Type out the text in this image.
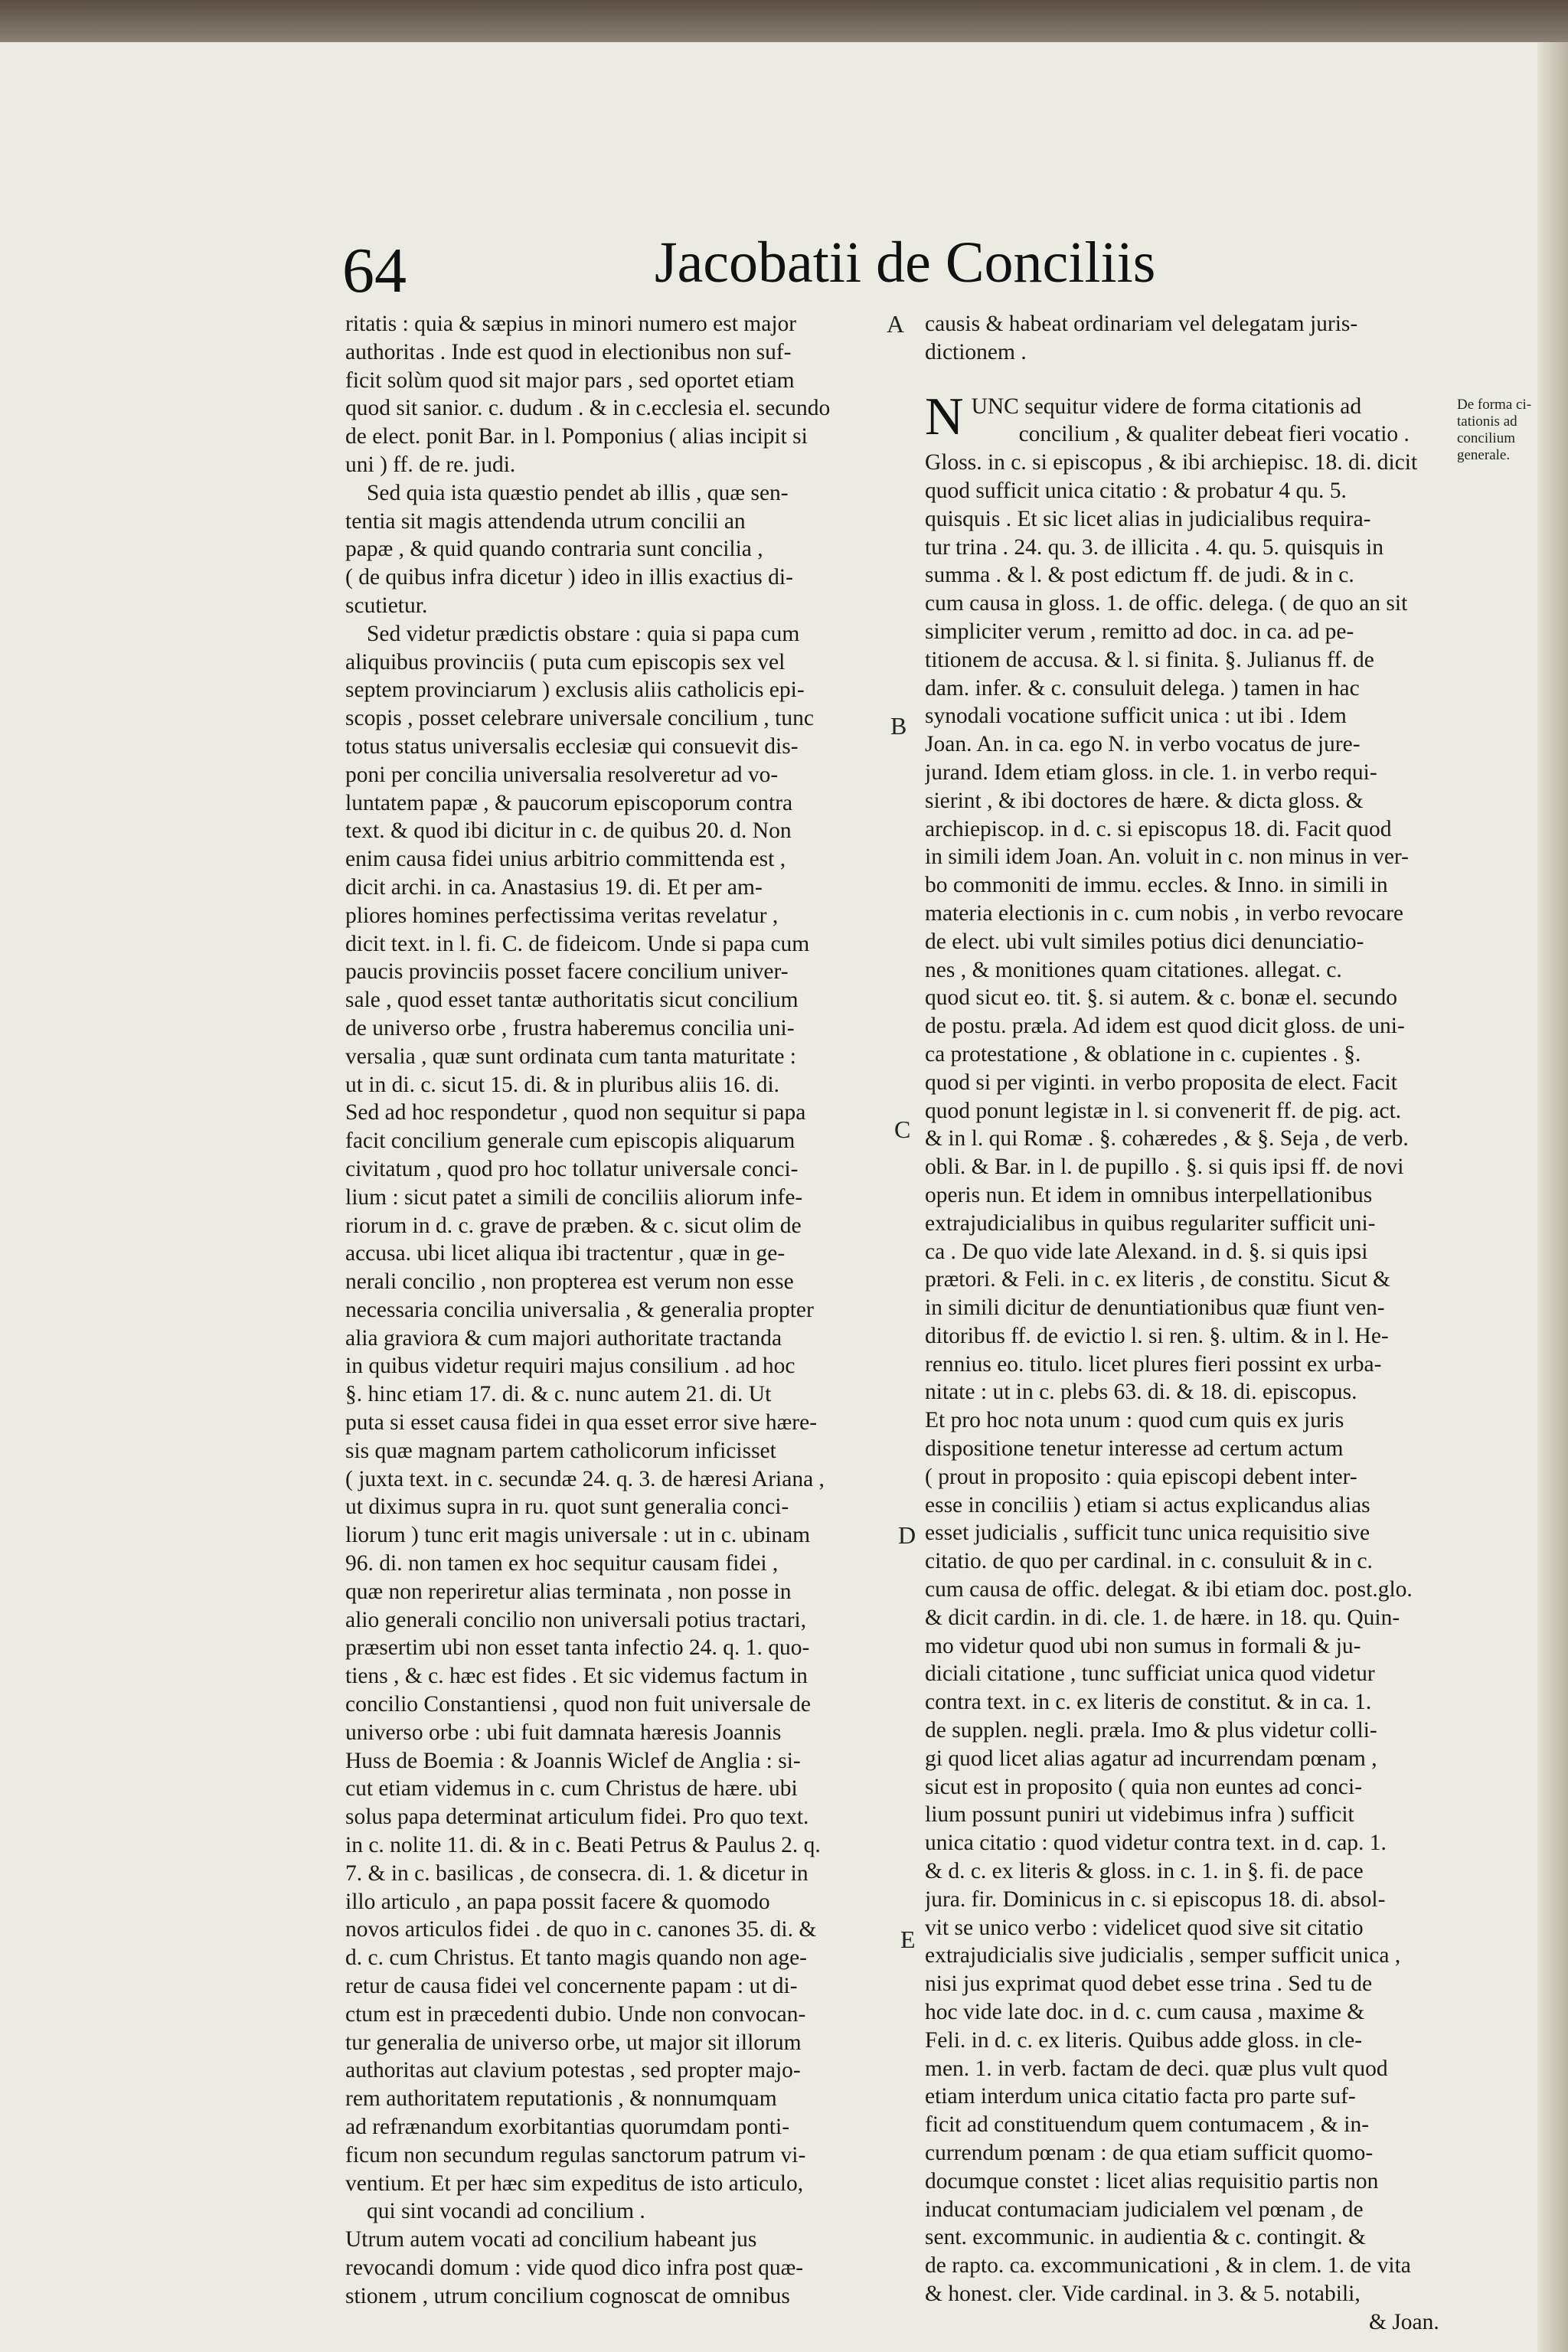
64	Jacobatii de Conciliis

ritatis : quia & sæpius in minori numero est major

authoritas . Inde est quod in electionibus non suf-

ficit solùm quod sit major pars , sed oportet etiam

quod sit sanior. c. dudum . & in c.ecclesia el. secundo

de elect. ponit Bar. in l. Pomponius ( alias incipit si

uni ) ff. de re. judi.

Sed quia ista quæstio pendet ab illis , quæ sen-

tentia sit magis attendenda utrum concilii an

papæ , & quid quando contraria sunt concilia ,

( de quibus infra dicetur ) ideo in illis exactius di-

scutietur.

Sed videtur prædictis obstare : quia si papa cum

aliquibus provinciis ( puta cum episcopis sex vel

septem provinciarum ) exclusis aliis catholicis epi-

scopis , posset celebrare universale concilium , tunc

totus status universalis ecclesiæ qui consuevit dis-

poni per concilia universalia resolveretur ad vo-

luntatem papæ , & paucorum episcoporum contra

text. & quod ibi dicitur in c. de quibus 20. d. Non

enim causa fidei unius arbitrio committenda est ,

dicit archi. in ca. Anastasius 19. di. Et per am-

pliores homines perfectissima veritas revelatur ,

dicit text. in l. fi. C. de fideicom. Unde si papa cum

paucis provinciis posset facere concilium univer-

sale , quod esset tantæ authoritatis sicut concilium

de universo orbe , frustra haberemus concilia uni-

versalia , quæ sunt ordinata cum tanta maturitate :

ut in di. c. sicut 15. di. & in pluribus aliis 16. di.

Sed ad hoc respondetur , quod non sequitur si papa

facit concilium generale cum episcopis aliquarum

civitatum , quod pro hoc tollatur universale conci-

lium : sicut patet a simili de conciliis aliorum infe-

riorum in d. c. grave de præben. & c. sicut olim de

accusa. ubi licet aliqua ibi tractentur , quæ in ge-

nerali concilio , non propterea est verum non esse

necessaria concilia universalia , & generalia propter

alia graviora & cum majori authoritate tractanda

in quibus videtur requiri majus consilium . ad hoc

§. hinc etiam 17. di. & c. nunc autem 21. di. Ut

puta si esset causa fidei in qua esset error sive hære-

sis quæ magnam partem catholicorum inficisset

( juxta text. in c. secundæ 24. q. 3. de hæresi Ariana ,

ut diximus supra in ru. quot sunt generalia conci-

liorum ) tunc erit magis universale : ut in c. ubinam

96. di. non tamen ex hoc sequitur causam fidei ,

quæ non reperiretur alias terminata , non posse in

alio generali concilio non universali potius tractari,

præsertim ubi non esset tanta infectio 24. q. 1. quo-

tiens , & c. hæc est fides . Et sic videmus factum in

concilio Constantiensi , quod non fuit universale de

universo orbe : ubi fuit damnata hæresis Joannis

Huss de Boemia : & Joannis Wiclef de Anglia : si-

cut etiam videmus in c. cum Christus de hære. ubi

solus papa determinat articulum fidei. Pro quo text.

in c. nolite 11. di. & in c. Beati Petrus & Paulus 2. q.

7. & in c. basilicas , de consecra. di. 1. & dicetur in

illo articulo , an papa possit facere & quomodo

novos articulos fidei . de quo in c. canones 35. di. &

d. c. cum Christus. Et tanto magis quando non age-

retur de causa fidei vel concernente papam : ut di-

ctum est in præcedenti dubio. Unde non convocan-

tur generalia de universo orbe, ut major sit illorum

authoritas aut clavium potestas , sed propter majo-

rem authoritatem reputationis , & nonnumquam

ad refrænandum exorbitantias quorumdam ponti-

ficum non secundum regulas sanctorum patrum vi-

ventium. Et per hæc sim expeditus de isto articulo,

qui sint vocandi ad concilium .

Utrum autem vocati ad concilium habeant jus

revocandi domum : vide quod dico infra post quæ-

stionem , utrum concilium cognoscat de omnibus

causis & habeat ordinariam vel delegatam juris-

dictionem .

N UNC sequitur videre de forma citationis ad

concilium , & qualiter debeat fieri vocatio .

Gloss. in c. si episcopus , & ibi archiepisc. 18. di. dicit

quod sufficit unica citatio : & probatur 4 qu. 5.

quisquis . Et sic licet alias in judicialibus requira-

tur trina . 24. qu. 3. de illicita . 4. qu. 5. quisquis in

summa . & l. & post edictum ff. de judi. & in c.

cum causa in gloss. 1. de offic. delega. ( de quo an sit

simpliciter verum , remitto ad doc. in ca. ad pe-

titionem de accusa. & l. si finita. §. Julianus ff. de

dam. infer. & c. consuluit delega. ) tamen in hac

synodali vocatione sufficit unica : ut ibi . Idem

Joan. An. in ca. ego N. in verbo vocatus de jure-

jurand. Idem etiam gloss. in cle. 1. in verbo requi-

sierint , & ibi doctores de hære. & dicta gloss. &

archiepiscop. in d. c. si episcopus 18. di. Facit quod

in simili idem Joan. An. voluit in c. non minus in ver-

bo commoniti de immu. eccles. & Inno. in simili in

materia electionis in c. cum nobis , in verbo revocare

de elect. ubi vult similes potius dici denunciatio-

nes , & monitiones quam citationes. allegat. c.

quod sicut eo. tit. §. si autem. & c. bonæ el. secundo

de postu. præla. Ad idem est quod dicit gloss. de uni-

ca protestatione , & oblatione in c. cupientes . §.

quod si per viginti. in verbo proposita de elect. Facit

quod ponunt legistæ in l. si convenerit ff. de pig. act.

& in l. qui Romæ . §. cohæredes , & §. Seja , de verb.

obli. & Bar. in l. de pupillo . §. si quis ipsi ff. de novi

operis nun. Et idem in omnibus interpellationibus

extrajudicialibus in quibus regulariter sufficit uni-

ca . De quo vide late Alexand. in d. §. si quis ipsi

prætori. & Feli. in c. ex literis , de constitu. Sicut &

in simili dicitur de denuntiationibus quæ fiunt ven-

ditoribus ff. de evictio l. si ren. §. ultim. & in l. He-

rennius eo. titulo. licet plures fieri possint ex urba-

nitate : ut in c. plebs 63. di. & 18. di. episcopus.

Et pro hoc nota unum : quod cum quis ex juris

dispositione tenetur interesse ad certum actum

( prout in proposito : quia episcopi debent inter-

esse in conciliis ) etiam si actus explicandus alias

esset judicialis , sufficit tunc unica requisitio sive

citatio. de quo per cardinal. in c. consuluit & in c.

cum causa de offic. delegat. & ibi etiam doc. post.glo.

& dicit cardin. in di. cle. 1. de hære. in 18. qu. Quin-

mo videtur quod ubi non sumus in formali & ju-

diciali citatione , tunc sufficiat unica quod videtur

contra text. in c. ex literis de constitut. & in ca. 1.

de supplen. negli. præla. Imo & plus videtur colli-

gi quod licet alias agatur ad incurrendam pœnam ,

sicut est in proposito ( quia non euntes ad conci-

lium possunt puniri ut videbimus infra ) sufficit

unica citatio : quod videtur contra text. in d. cap. 1.

& d. c. ex literis & gloss. in c. 1. in §. fi. de pace

jura. fir. Dominicus in c. si episcopus 18. di. absol-

vit se unico verbo : videlicet quod sive sit citatio

extrajudicialis sive judicialis , semper sufficit unica ,

nisi jus exprimat quod debet esse trina . Sed tu de

hoc vide late doc. in d. c. cum causa , maxime &

Feli. in d. c. ex literis. Quibus adde gloss. in cle-

men. 1. in verb. factam de deci. quæ plus vult quod

etiam interdum unica citatio facta pro parte suf-

ficit ad constituendum quem contumacem , & in-

currendum pœnam : de qua etiam sufficit quomo-

documque constet : licet alias requisitio partis non

inducat contumaciam judicialem vel pœnam , de

sent. excommunic. in audientia & c. contingit. &

de rapto. ca. excommunicationi , & in clem. 1. de vita

& honest. cler. Vide cardinal. in 3. & 5. notabili,

& Joan.

A
B
C
D
E
De forma ci-
tationis ad
concilium
generale.
